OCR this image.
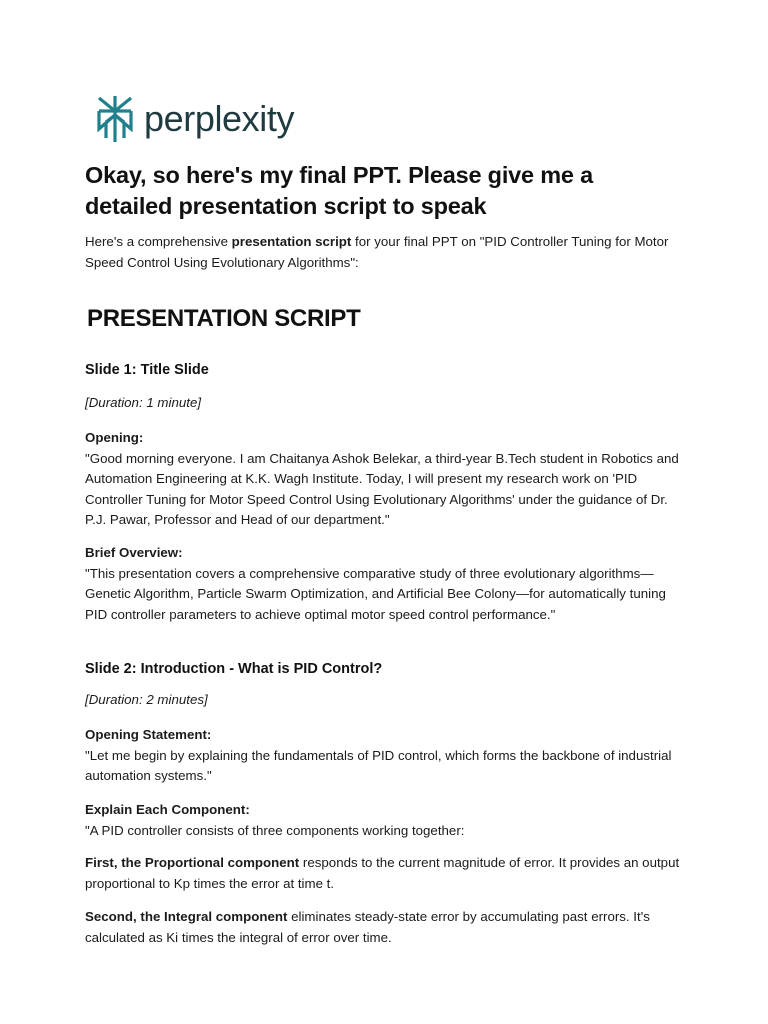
perplexity
Okay, so here's my final PPT. Please give me a detailed presentation script to speak

Here's a comprehensive presentation script for your final PPT on "PID Controller Tuning for Motor Speed Control Using Evolutionary Algorithms":

PRESENTATION SCRIPT
Slide 1: Title Slide

[Duration: 1 minute]

Opening:
"Good morning everyone. I am Chaitanya Ashok Belekar, a third-year B.Tech student in Robotics and Automation Engineering at K.K. Wagh Institute. Today, I will present my research work on 'PID Controller Tuning for Motor Speed Control Using Evolutionary Algorithms' under the guidance of Dr. P.J. Pawar, Professor and Head of our department."

Brief Overview:
"This presentation covers a comprehensive comparative study of three evolutionary algorithms—Genetic Algorithm, Particle Swarm Optimization, and Artificial Bee Colony—for automatically tuning PID controller parameters to achieve optimal motor speed control performance."

Slide 2: Introduction - What is PID Control?

[Duration: 2 minutes]

Opening Statement:
"Let me begin by explaining the fundamentals of PID control, which forms the backbone of industrial automation systems."

Explain Each Component:
"A PID controller consists of three components working together:

First, the Proportional component responds to the current magnitude of error. It provides an output proportional to Kp times the error at time t.

Second, the Integral component eliminates steady-state error by accumulating past errors. It's calculated as Ki times the integral of error over time.
